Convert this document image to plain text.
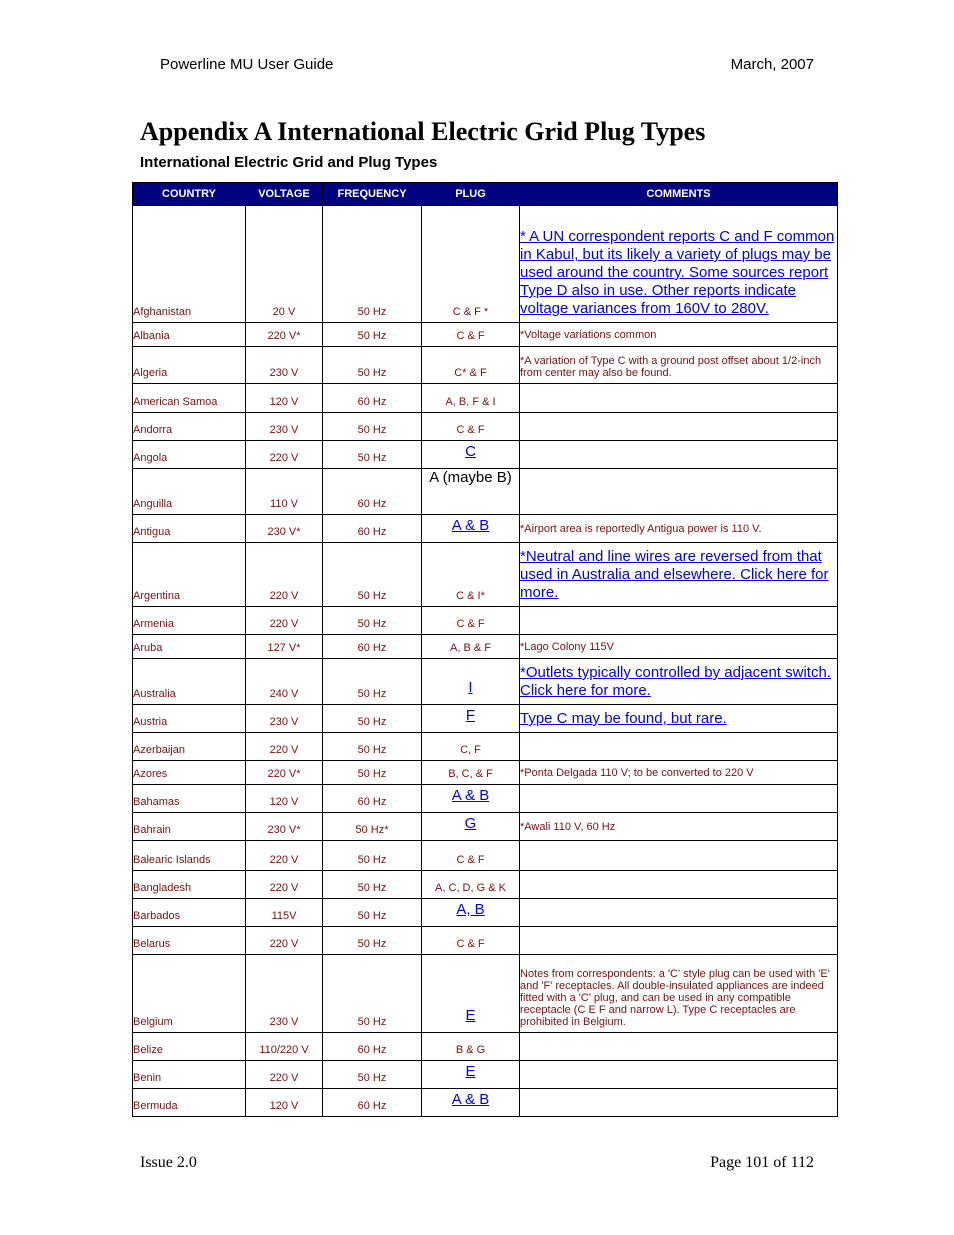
Powerline MU User Guide	March, 2007
Appendix A International Electric Grid Plug Types
International Electric Grid and Plug Types
COUNTRY	VOLTAGE	FREQUENCY	PLUG	COMMENTS
Afghanistan	20 V	50 Hz	C & F *	* A UN correspondent reports C and F common in Kabul, but its likely a variety of plugs may be used around the country. Some sources report Type D also in use. Other reports indicate voltage variances from 160V to 280V.
Albania	220 V*	50 Hz	C & F	*Voltage variations common
Algeria	230 V	50 Hz	C* & F	*A variation of Type C with a ground post offset about 1/2-inch from center may also be found.
American Samoa	120 V	60 Hz	A, B, F & I	
Andorra	230 V	50 Hz	C & F	
Angola	220 V	50 Hz	C	
Anguilla	110 V	60 Hz	A (maybe B)	
Antigua	230 V*	60 Hz	A & B	*Airport area is reportedly Antigua power is 110 V.
Argentina	220 V	50 Hz	C & I*	*Neutral and line wires are reversed from that used in Australia and elsewhere. Click here for more.
Armenia	220 V	50 Hz	C & F	
Aruba	127 V*	60 Hz	A, B & F	*Lago Colony 115V
Australia	240 V	50 Hz	I	*Outlets typically controlled by adjacent switch. Click here for more.
Austria	230 V	50 Hz	F	Type C may be found, but rare.
Azerbaijan	220 V	50 Hz	C, F	
Azores	220 V*	50 Hz	B, C, & F	*Ponta Delgada 110 V; to be converted to 220 V
Bahamas	120 V	60 Hz	A & B	
Bahrain	230 V*	50 Hz*	G	*Awali 110 V, 60 Hz
Balearic Islands	220 V	50 Hz	C & F	
Bangladesh	220 V	50 Hz	A, C, D, G & K	
Barbados	115V	50 Hz	A, B	
Belarus	220 V	50 Hz	C & F	
Belgium	230 V	50 Hz	E	Notes from correspondents: a 'C' style plug can be used with 'E' and 'F' receptacles. All double-insulated appliances are indeed fitted with a 'C' plug, and can be used in any compatible receptacle (C E F and narrow L). Type C receptacles are prohibited in Belgium.
Belize	110/220 V	60 Hz	B & G	
Benin	220 V	50 Hz	E	
Bermuda	120 V	60 Hz	A & B	
Issue 2.0	Page 101 of 112
